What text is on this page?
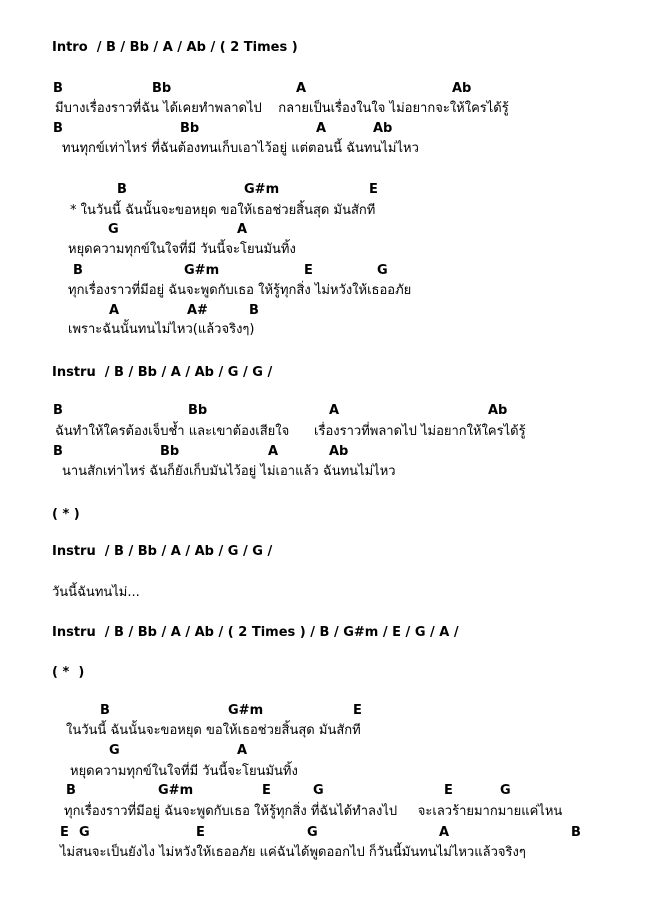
Intro  / B / Bb / A / Ab / ( 2 Times )
B	Bb	A	Ab
มีบางเรื่องราวที่ฉัน ได้เคยทำพลาดไป    กลายเป็นเรื่องในใจ ไม่อยากจะให้ใครได้รู้
B	Bb	A	Ab
ทนทุกข์เท่าไหร่ ที่ฉันต้องทนเก็บเอาไว้อยู่ แต่ตอนนี้ ฉันทนไม่ไหว
B	G#m	E
* ในวันนี้ ฉันนั้นจะขอหยุด ขอให้เธอช่วยสิ้นสุด มันสักที
G	A
หยุดความทุกข์ในใจที่มี วันนี้จะโยนมันทิ้ง
B	G#m	E	G
ทุกเรื่องราวที่มีอยู่ ฉันจะพูดกับเธอ ให้รู้ทุกสิ่ง ไม่หวังให้เธออภัย
A	A#	B
เพราะฉันนั้นทนไม่ไหว(แล้วจริงๆ)
Instru  / B / Bb / A / Ab / G / G /
B	Bb	A	Ab
ฉันทำให้ใครต้องเจ็บช้ำ และเขาต้องเสียใจ      เรื่องราวที่พลาดไป ไม่อยากให้ใครได้รู้
B	Bb	A	Ab
นานสักเท่าไหร่ ฉันก็ยังเก็บมันไว้อยู่ ไม่เอาแล้ว ฉันทนไม่ไหว
( * )
Instru  / B / Bb / A / Ab / G / G /
วันนี้ฉันทนไม่...
Instru  / B / Bb / A / Ab / ( 2 Times ) / B / G#m / E / G / A /
( *  )
B	G#m	E
ในวันนี้ ฉันนั้นจะขอหยุด ขอให้เธอช่วยสิ้นสุด มันสักที
G	A
หยุดความทุกข์ในใจที่มี วันนี้จะโยนมันทิ้ง
B	G#m	E	G	E	G
ทุกเรื่องราวที่มีอยู่ ฉันจะพูดกับเธอ ให้รู้ทุกสิ่ง ที่ฉันได้ทำลงไป     จะเลวร้ายมากมายแค่ไหน
E G	E	G	A	B
ไม่สนจะเป็นยังไง ไม่หวังให้เธออภัย แค่ฉันได้พูดออกไป ก็วันนี้มันทนไม่ไหวแล้วจริงๆ
